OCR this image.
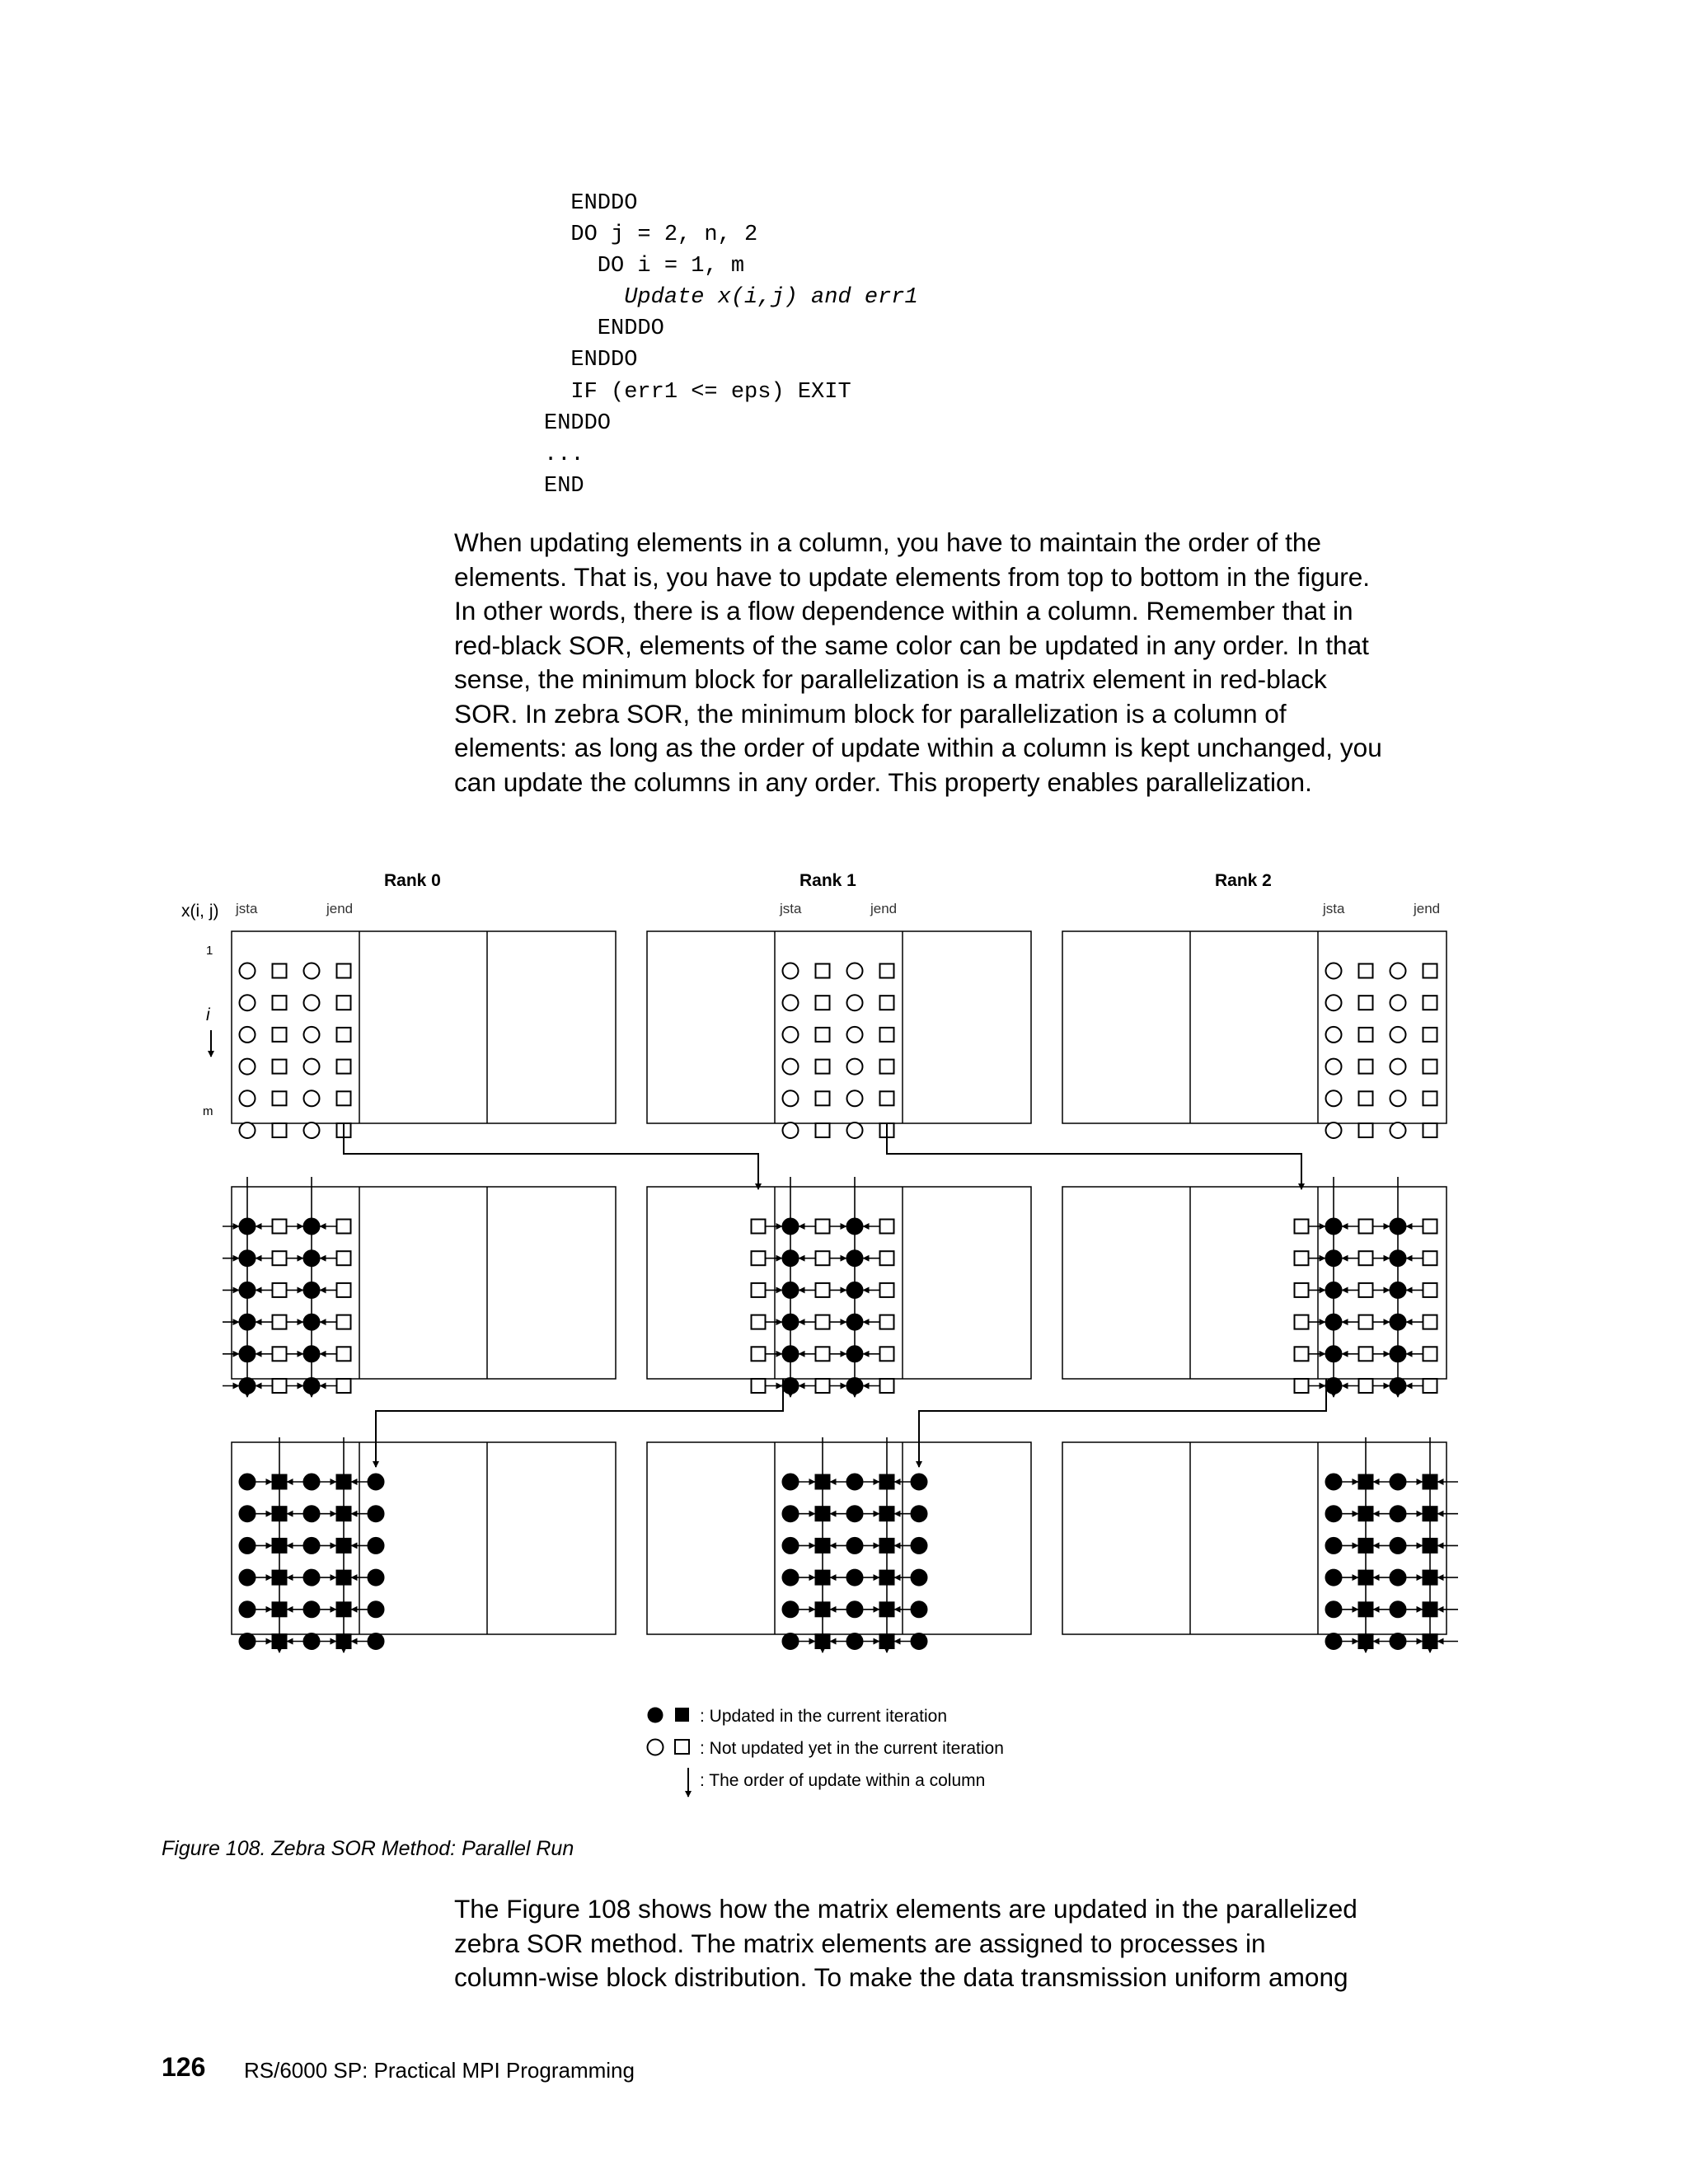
ENDDO
DO j = 2, n, 2
DO i = 1, m
Update x(i,j) and err1
ENDDO
ENDDO
IF (err1 <= eps) EXIT
ENDDO
...
END
When updating elements in a column, you have to maintain the order of the
elements. That is, you have to update elements from top to bottom in the figure.
In other words, there is a flow dependence within a column. Remember that in
red-black SOR, elements of the same color can be updated in any order. In that
sense, the minimum block for parallelization is a matrix element in red-black
SOR. In zebra SOR, the minimum block for parallelization is a column of
elements: as long as the order of update within a column is kept unchanged, you
can update the columns in any order. This property enables parallelization.
Rank 0	Rank 1	Rank 2
x(i, j) jsta	jend	jsta	jend	jsta	jend
1
i
m
: Updated in the current iteration
: Not updated yet in the current iteration
: The order of update within a column
Figure 108. Zebra SOR Method: Parallel Run
The Figure 108 shows how the matrix elements are updated in the parallelized
zebra SOR method. The matrix elements are assigned to processes in
column-wise block distribution. To make the data transmission uniform among
126 RS/6000 SP: Practical MPI Programming
